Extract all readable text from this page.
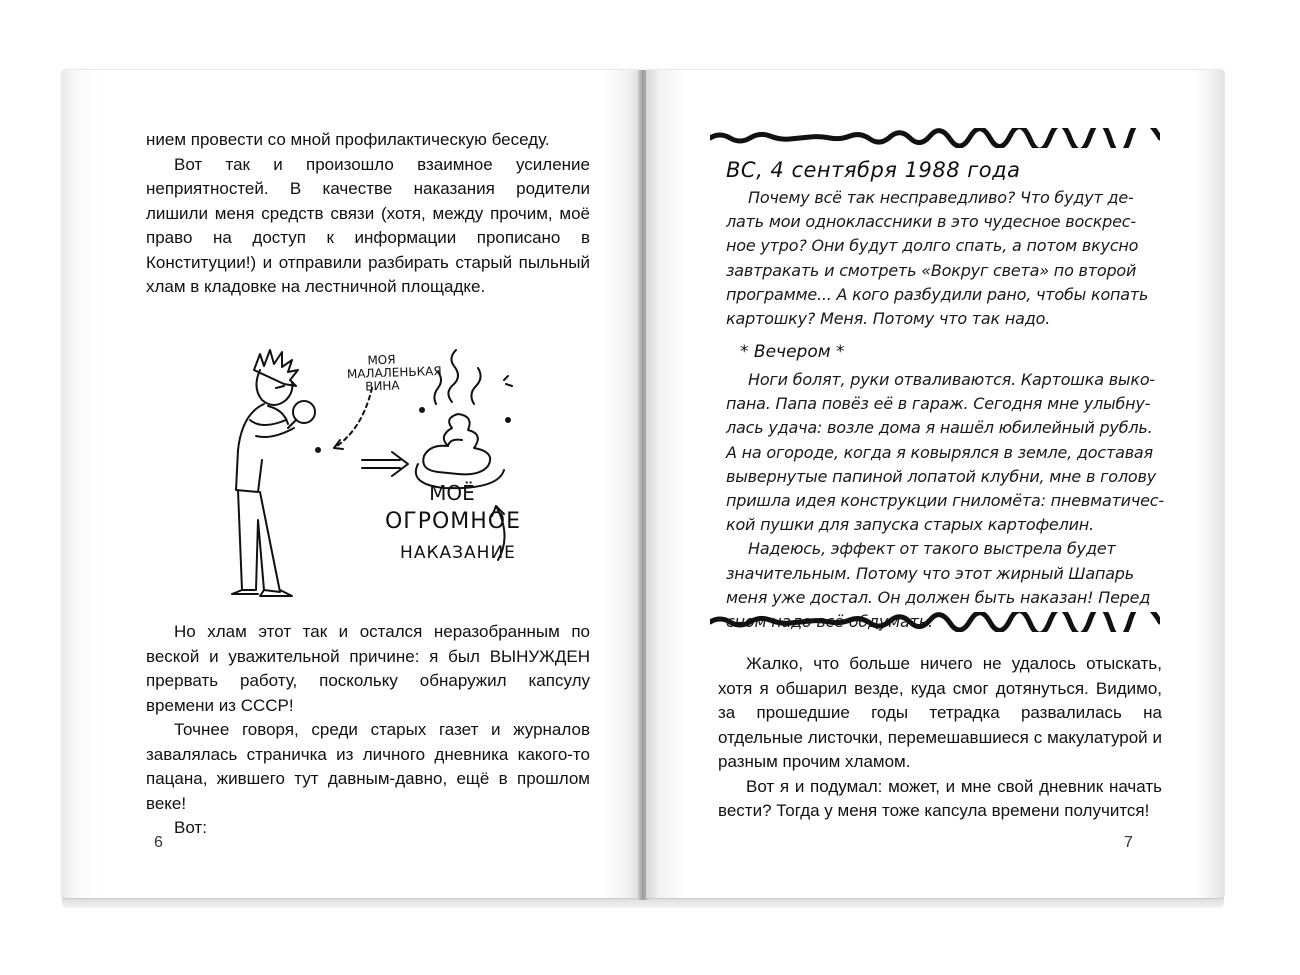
нием провести со мной профилактическую беседу.

Вот так и произошло взаимное усиление неприятностей. В качестве наказания родители лишили меня средств связи (хотя, между прочим, моё право на доступ к информации прописано в Конституции!) и отправили разбирать старый пыльный хлам в кладовке на лестничной площадке.

МОЯ МАЛАЛЕНЬКАЯ ВИНА
МОЁ
ОГРОМНОЕ
НАКАЗАНИЕ

Но хлам этот так и остался неразобранным по веской и уважительной причине: я был ВЫНУЖДЕН прервать работу, поскольку обнаружил капсулу времени из СССР!

Точнее говоря, среди старых газет и журналов завалялась страничка из личного дневника какого-то пацана, жившего тут давным-давно, ещё в прошлом веке!

Вот:

6
ВС, 4 сентября 1988 года

Почему всё так несправедливо? Что будут де-

лать мои одноклассники в это чудесное воскрес-

ное утро? Они будут долго спать, а потом вкусно

завтракать и смотреть «Вокруг света» по второй

программе... А кого разбудили рано, чтобы копать

картошку? Меня. Потому что так надо.

* Вечером *

Ноги болят, руки отваливаются. Картошка выко-

пана. Папа повёз её в гараж. Сегодня мне улыбну-

лась удача: возле дома я нашёл юбилейный рубль.

А на огороде, когда я ковырялся в земле, доставая

вывернутые папиной лопатой клубни, мне в голову

пришла идея конструкции гниломёта: пневматичес-

кой пушки для запуска старых картофелин.

Надеюсь, эффект от такого выстрела будет

значительным. Потому что этот жирный Шапарь

меня уже достал. Он должен быть наказан! Перед

сном надо всё обдумать.

Жалко, что больше ничего не удалось отыскать, хотя я обшарил везде, куда смог дотянуться. Видимо, за прошедшие годы тетрадка развалилась на отдельные листочки, перемешавшиеся с макулатурой и разным прочим хламом.

Вот я и подумал: может, и мне свой дневник начать вести? Тогда у меня тоже капсула времени получится!

7
